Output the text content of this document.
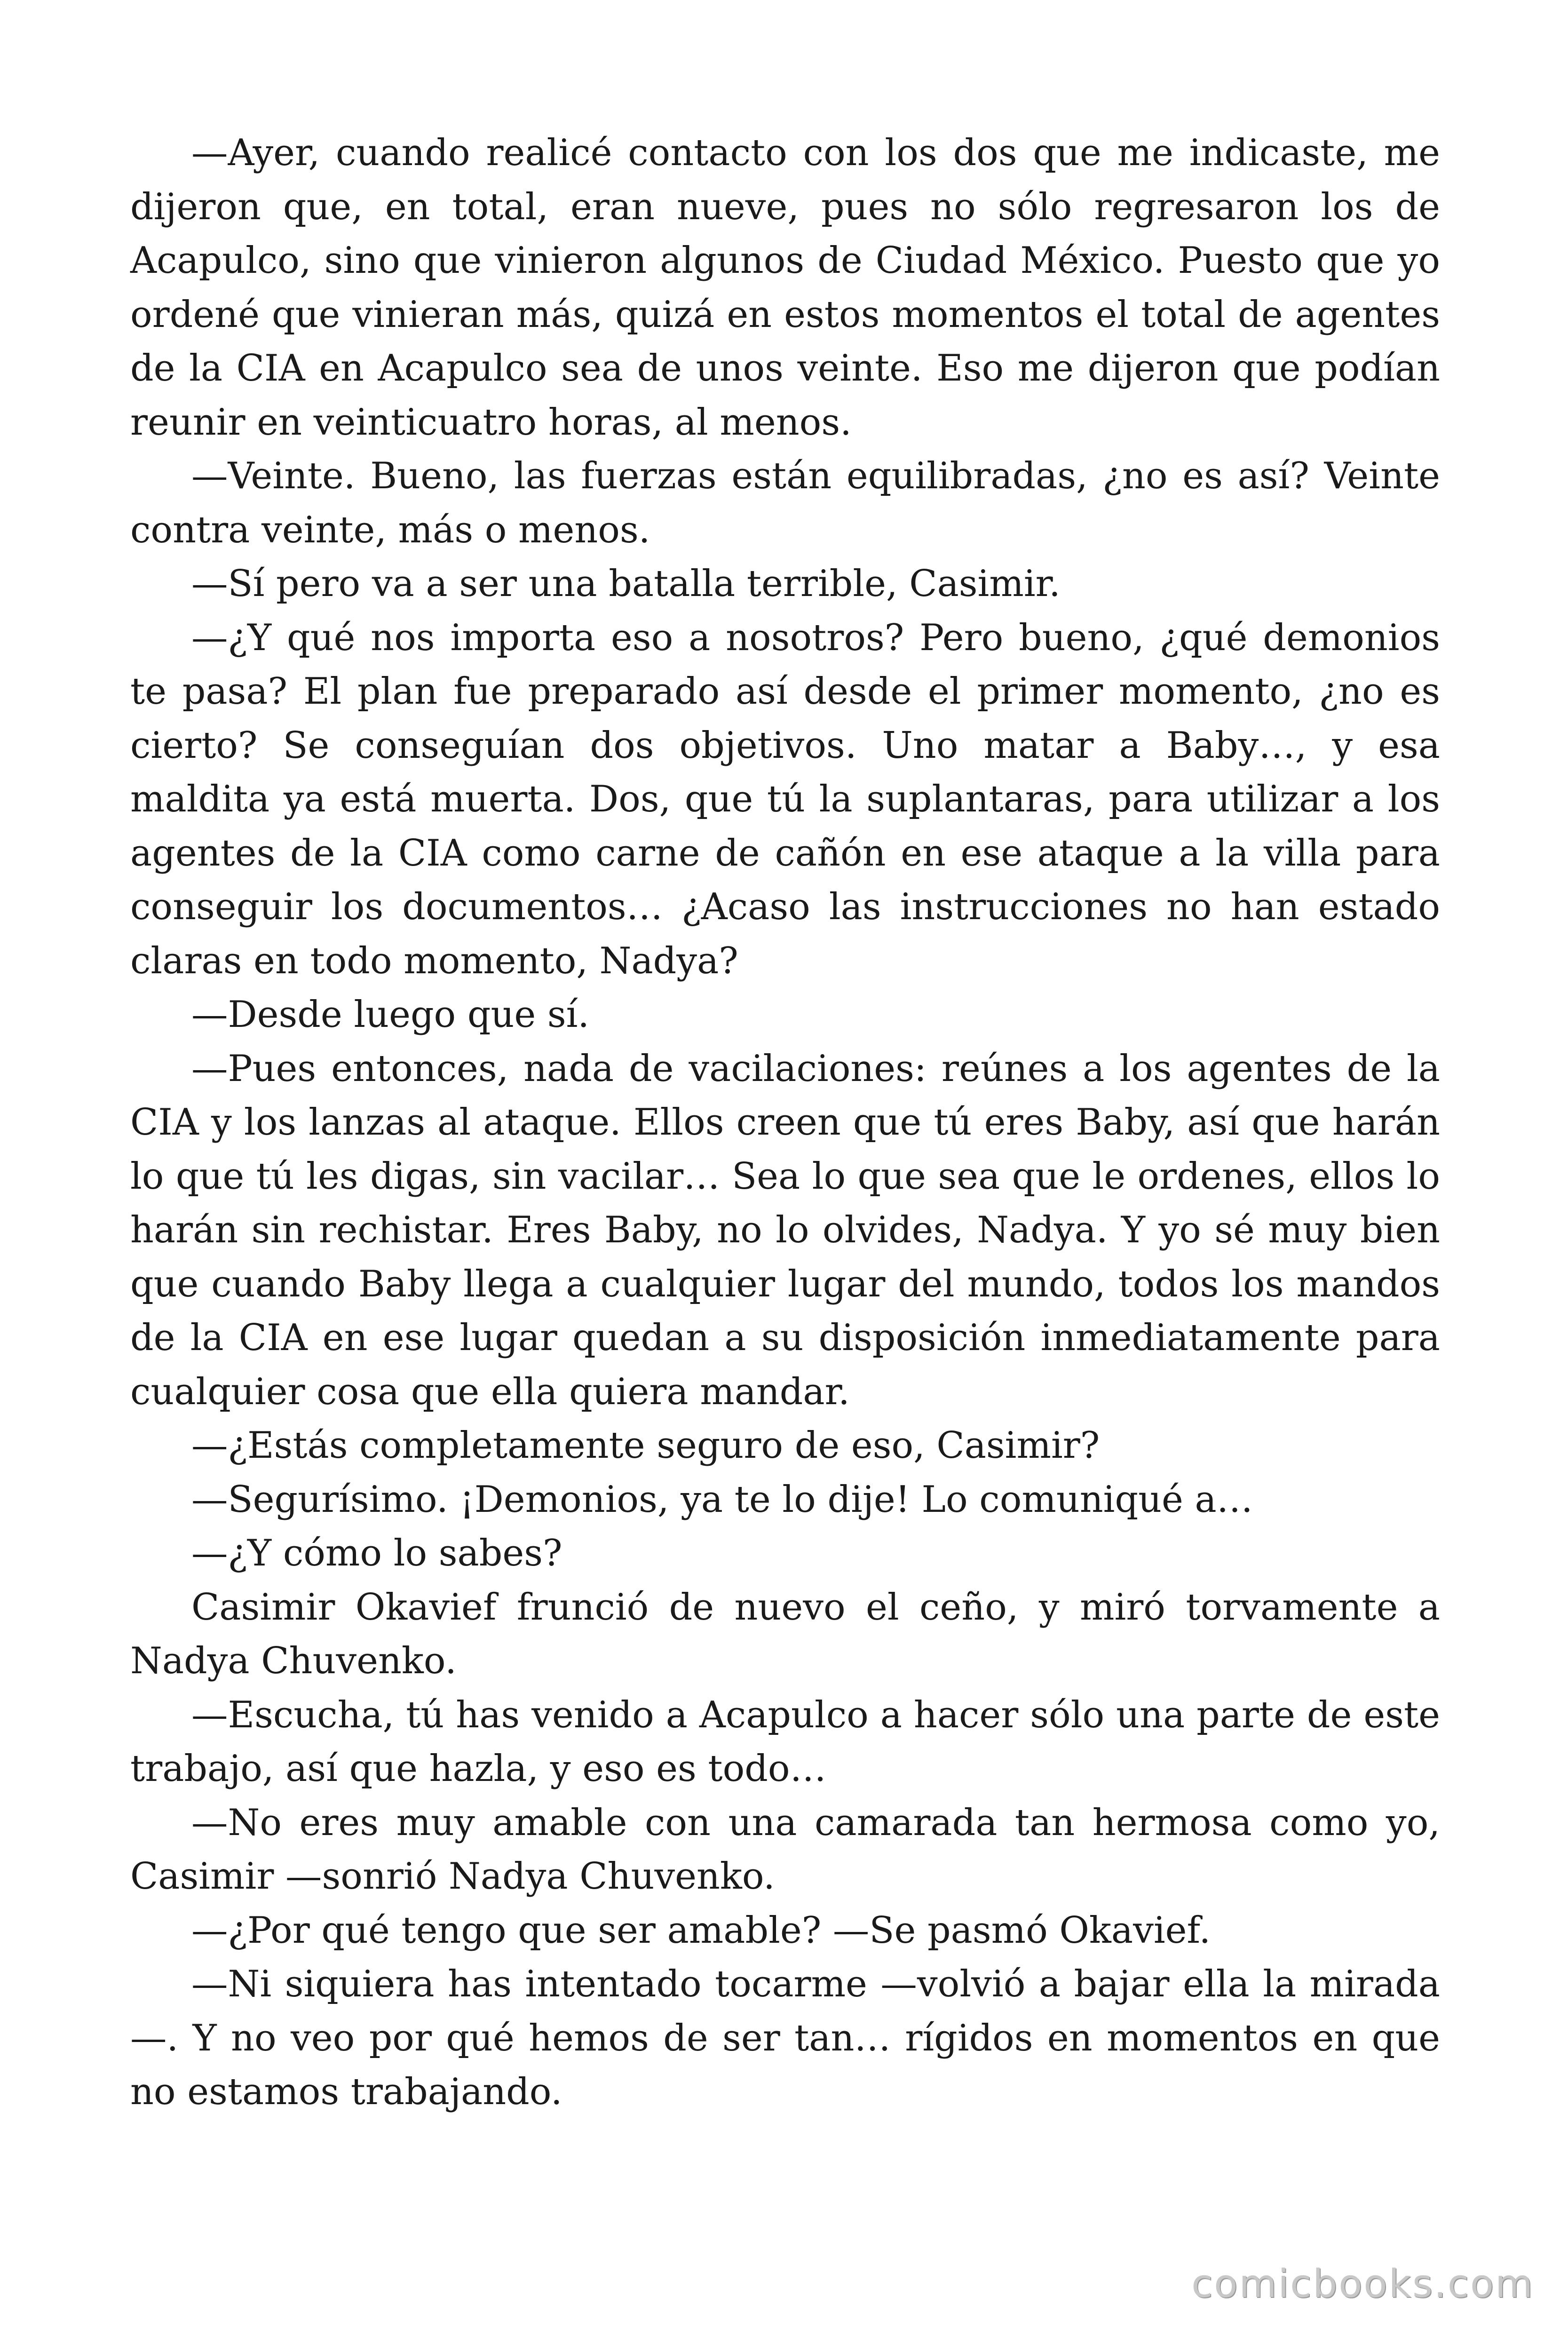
—Ayer, cuando realicé contacto con los dos que me indicaste, me dijeron que, en total, eran nueve, pues no sólo regresaron los de Acapulco, sino que vinieron algunos de Ciudad México. Puesto que yo ordené que vinieran más, quizá en estos momentos el total de agentes de la CIA en Acapulco sea de unos veinte. Eso me dijeron que podían reunir en veinticuatro horas, al menos.

—Veinte. Bueno, las fuerzas están equilibradas, ¿no es así? Veinte contra veinte, más o menos.

—Sí pero va a ser una batalla terrible, Casimir.

—¿Y qué nos importa eso a nosotros? Pero bueno, ¿qué demonios te pasa? El plan fue preparado así desde el primer momento, ¿no es cierto? Se conseguían dos objetivos. Uno matar a Baby…, y esa maldita ya está muerta. Dos, que tú la suplantaras, para utilizar a los agentes de la CIA como carne de cañón en ese ataque a la villa para conseguir los documentos… ¿Acaso las instrucciones no han estado claras en todo momento, Nadya?

—Desde luego que sí.

—Pues entonces, nada de vacilaciones: reúnes a los agentes de la CIA y los lanzas al ataque. Ellos creen que tú eres Baby, así que harán lo que tú les digas, sin vacilar… Sea lo que sea que le ordenes, ellos lo harán sin rechistar. Eres Baby, no lo olvides, Nadya. Y yo sé muy bien que cuando Baby llega a cualquier lugar del mundo, todos los mandos de la CIA en ese lugar quedan a su disposición inmediatamente para cualquier cosa que ella quiera mandar.

—¿Estás completamente seguro de eso, Casimir?

—Segurísimo. ¡Demonios, ya te lo dije! Lo comuniqué a…

—¿Y cómo lo sabes?

Casimir Okavief frunció de nuevo el ceño, y miró torvamente a Nadya Chuvenko.

—Escucha, tú has venido a Acapulco a hacer sólo una parte de este trabajo, así que hazla, y eso es todo…

—No eres muy amable con una camarada tan hermosa como yo, Casimir —sonrió Nadya Chuvenko.

—¿Por qué tengo que ser amable? —Se pasmó Okavief.

—Ni siquiera has intentado tocarme —volvió a bajar ella la mirada—. Y no veo por qué hemos de ser tan… rígidos en momentos en que no estamos trabajando.

comicbooks.com
